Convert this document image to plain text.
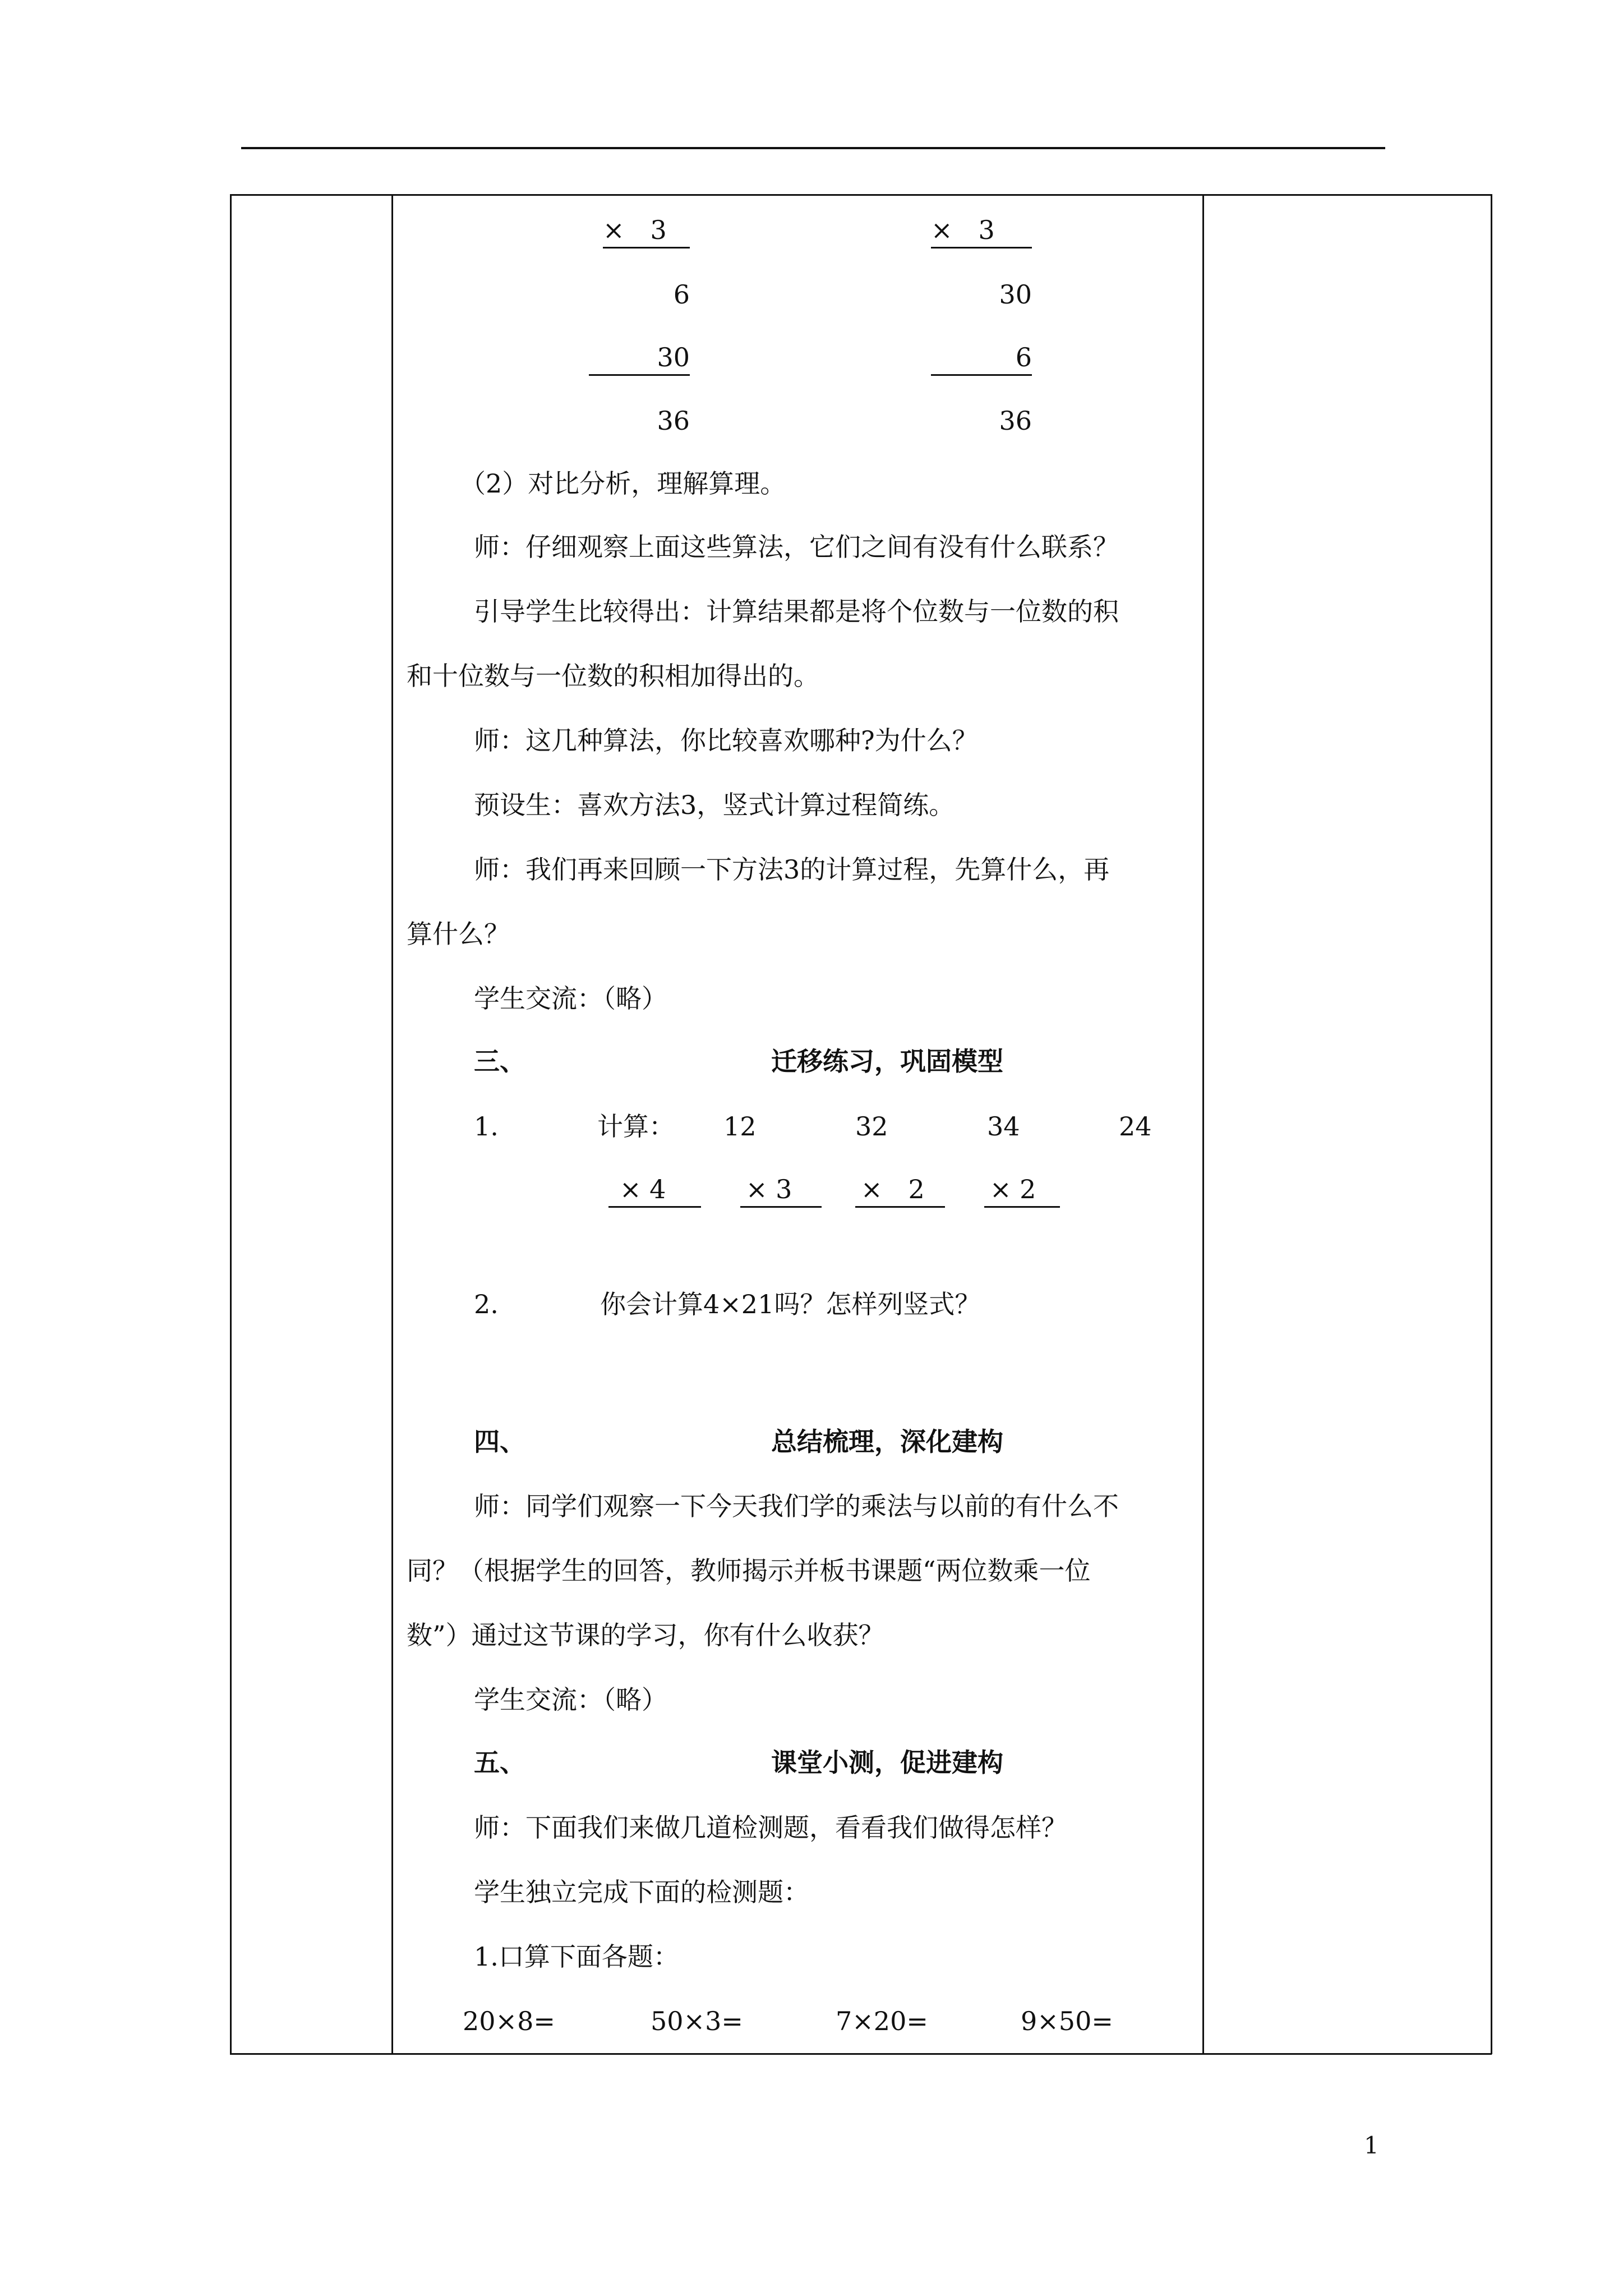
×　3
6
30
36
×　3
30
6
36
（2）对比分析，理解算理。
师：仔细观察上面这些算法，它们之间有没有什么联系？
引导学生比较得出：计算结果都是将个位数与一位数的积
和十位数与一位数的积相加得出的。
师：这几种算法，你比较喜欢哪种?为什么？
预设生：喜欢方法3，竖式计算过程简练。
师：我们再来回顾一下方法3的计算过程，先算什么，再
算什么？
学生交流：（略）
三、	迁移练习，巩固模型
1.	计算： 12	32	34	24
× 4	× 3	×　2	× 2
2.	你会计算4×21吗？怎样列竖式？
四、	总结梳理，深化建构
师：同学们观察一下今天我们学的乘法与以前的有什么不
同？（根据学生的回答，教师揭示并板书课题“两位数乘一位
数”）通过这节课的学习，你有什么收获？
学生交流：（略）
五、	课堂小测，促进建构
师：下面我们来做几道检测题，看看我们做得怎样？
学生独立完成下面的检测题：
1.口算下面各题：
20×8=	50×3=	7×20=	9×50=
1
